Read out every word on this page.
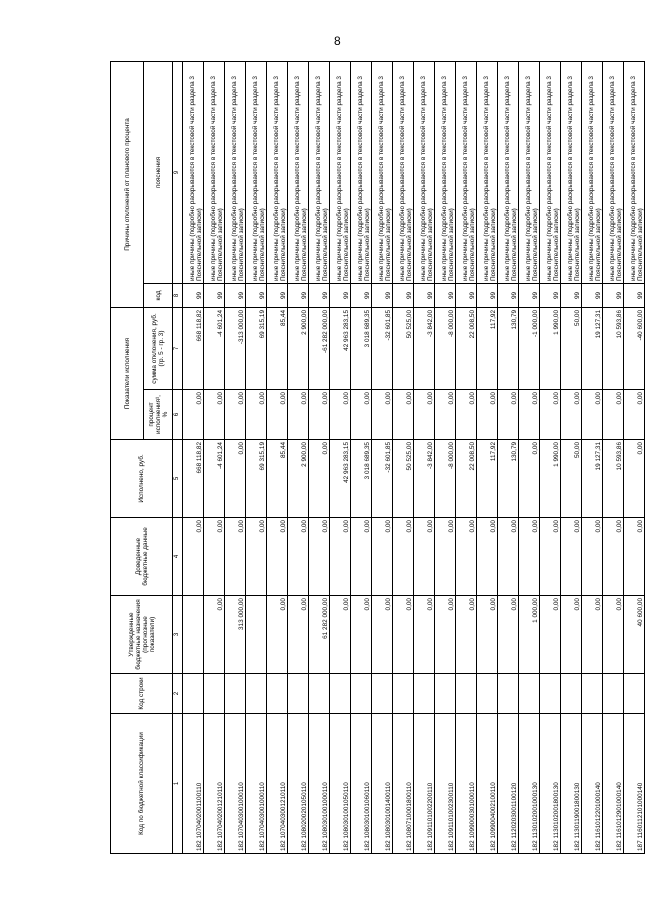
8
Код по бюджетной классификации	Код строки	Утвержденные бюджетные назначения (прогнозные показатели)	Доведенные бюджетные данные	Исполнено, руб.	Показатели исполнения		Причины отклонений от планового процента	
					процент исполнения¹, %	сумма отклонения, руб. (гр. 5 - гр. 3)	код	пояснения
1	2	3	4	5	6	7	8	9
182 1070402001100110			0,00	668 118,82	0,00	668 118,82	99	иные причины (подробно раскрываются в текстовой части раздела 3 Пояснительной записки)
182 1070402001210110		0,00	0,00	-4 601,24	0,00	-4 601,24	99	иные причины (подробно раскрываются в текстовой части раздела 3 Пояснительной записки)
182 1070403001000110		313 000,00	0,00	0,00	0,00	-313 000,00	99	иные причины (подробно раскрываются в текстовой части раздела 3 Пояснительной записки)
182 1070403001000110			0,00	69 315,19	0,00	69 315,19	99	иные причины (подробно раскрываются в текстовой части раздела 3 Пояснительной записки)
182 1070403001210110		0,00	0,00	85,44	0,00	85,44	99	иные причины (подробно раскрываются в текстовой части раздела 3 Пояснительной записки)
182 1080200201050110		0,00	0,00	2 900,00	0,00	2 900,00	99	иные причины (подробно раскрываются в текстовой части раздела 3 Пояснительной записки)
182 1080301001000110		61 282 000,00	0,00	0,00	0,00	-61 282 000,00	99	иные причины (подробно раскрываются в текстовой части раздела 3 Пояснительной записки)
182 1080301001050110		0,00	0,00	42 963 283,15	0,00	42 963 283,15	99	иные причины (подробно раскрываются в текстовой части раздела 3 Пояснительной записки)
182 1080301001060110		0,00	0,00	3 018 689,35	0,00	3 018 689,35	99	иные причины (подробно раскрываются в текстовой части раздела 3 Пояснительной записки)
182 1080301001400110		0,00	0,00	-32 601,85	0,00	-32 601,85	99	иные причины (подробно раскрываются в текстовой части раздела 3 Пояснительной записки)
182 1080710001800110		0,00	0,00	50 525,00	0,00	50 525,00	99	иные причины (подробно раскрываются в текстовой части раздела 3 Пояснительной записки)
182 1091101002200110		0,00	0,00	-3 842,00	0,00	-3 842,00	99	иные причины (подробно раскрываются в текстовой части раздела 3 Пояснительной записки)
182 1091101002300110		0,00	0,00	-8 000,00	0,00	-8 000,00	99	иные причины (подробно раскрываются в текстовой части раздела 3 Пояснительной записки)
182 1099000301000110		0,00	0,00	22 008,50	0,00	22 008,50	99	иные причины (подробно раскрываются в текстовой части раздела 3 Пояснительной записки)
182 1099004002100110		0,00	0,00	117,92	0,00	117,92	99	иные причины (подробно раскрываются в текстовой части раздела 3 Пояснительной записки)
182 1120203001100120		0,00	0,00	130,79	0,00	130,79	99	иные причины (подробно раскрываются в текстовой части раздела 3 Пояснительной записки)
182 1130102001000130		1 000,00	0,00	0,00	0,00	-1 000,00	99	иные причины (подробно раскрываются в текстовой части раздела 3 Пояснительной записки)
182 1130102001800130		0,00	0,00	1 990,00	0,00	1 990,00	99	иные причины (подробно раскрываются в текстовой части раздела 3 Пояснительной записки)
182 1130119001800130		0,00	0,00	50,00	0,00	50,00	99	иные причины (подробно раскрываются в текстовой части раздела 3 Пояснительной записки)
182 1161012201000140		0,00	0,00	19 127,31	0,00	19 127,31	99	иные причины (подробно раскрываются в текстовой части раздела 3 Пояснительной записки)
182 1161012901000140		0,00	0,00	10 593,86	0,00	10 593,86	99	иные причины (подробно раскрываются в текстовой части раздела 3 Пояснительной записки)
187 1160112101000140		40 600,00	0,00	0,00	0,00	-40 600,00	99	иные причины (подробно раскрываются в текстовой части раздела 3 Пояснительной записки)
